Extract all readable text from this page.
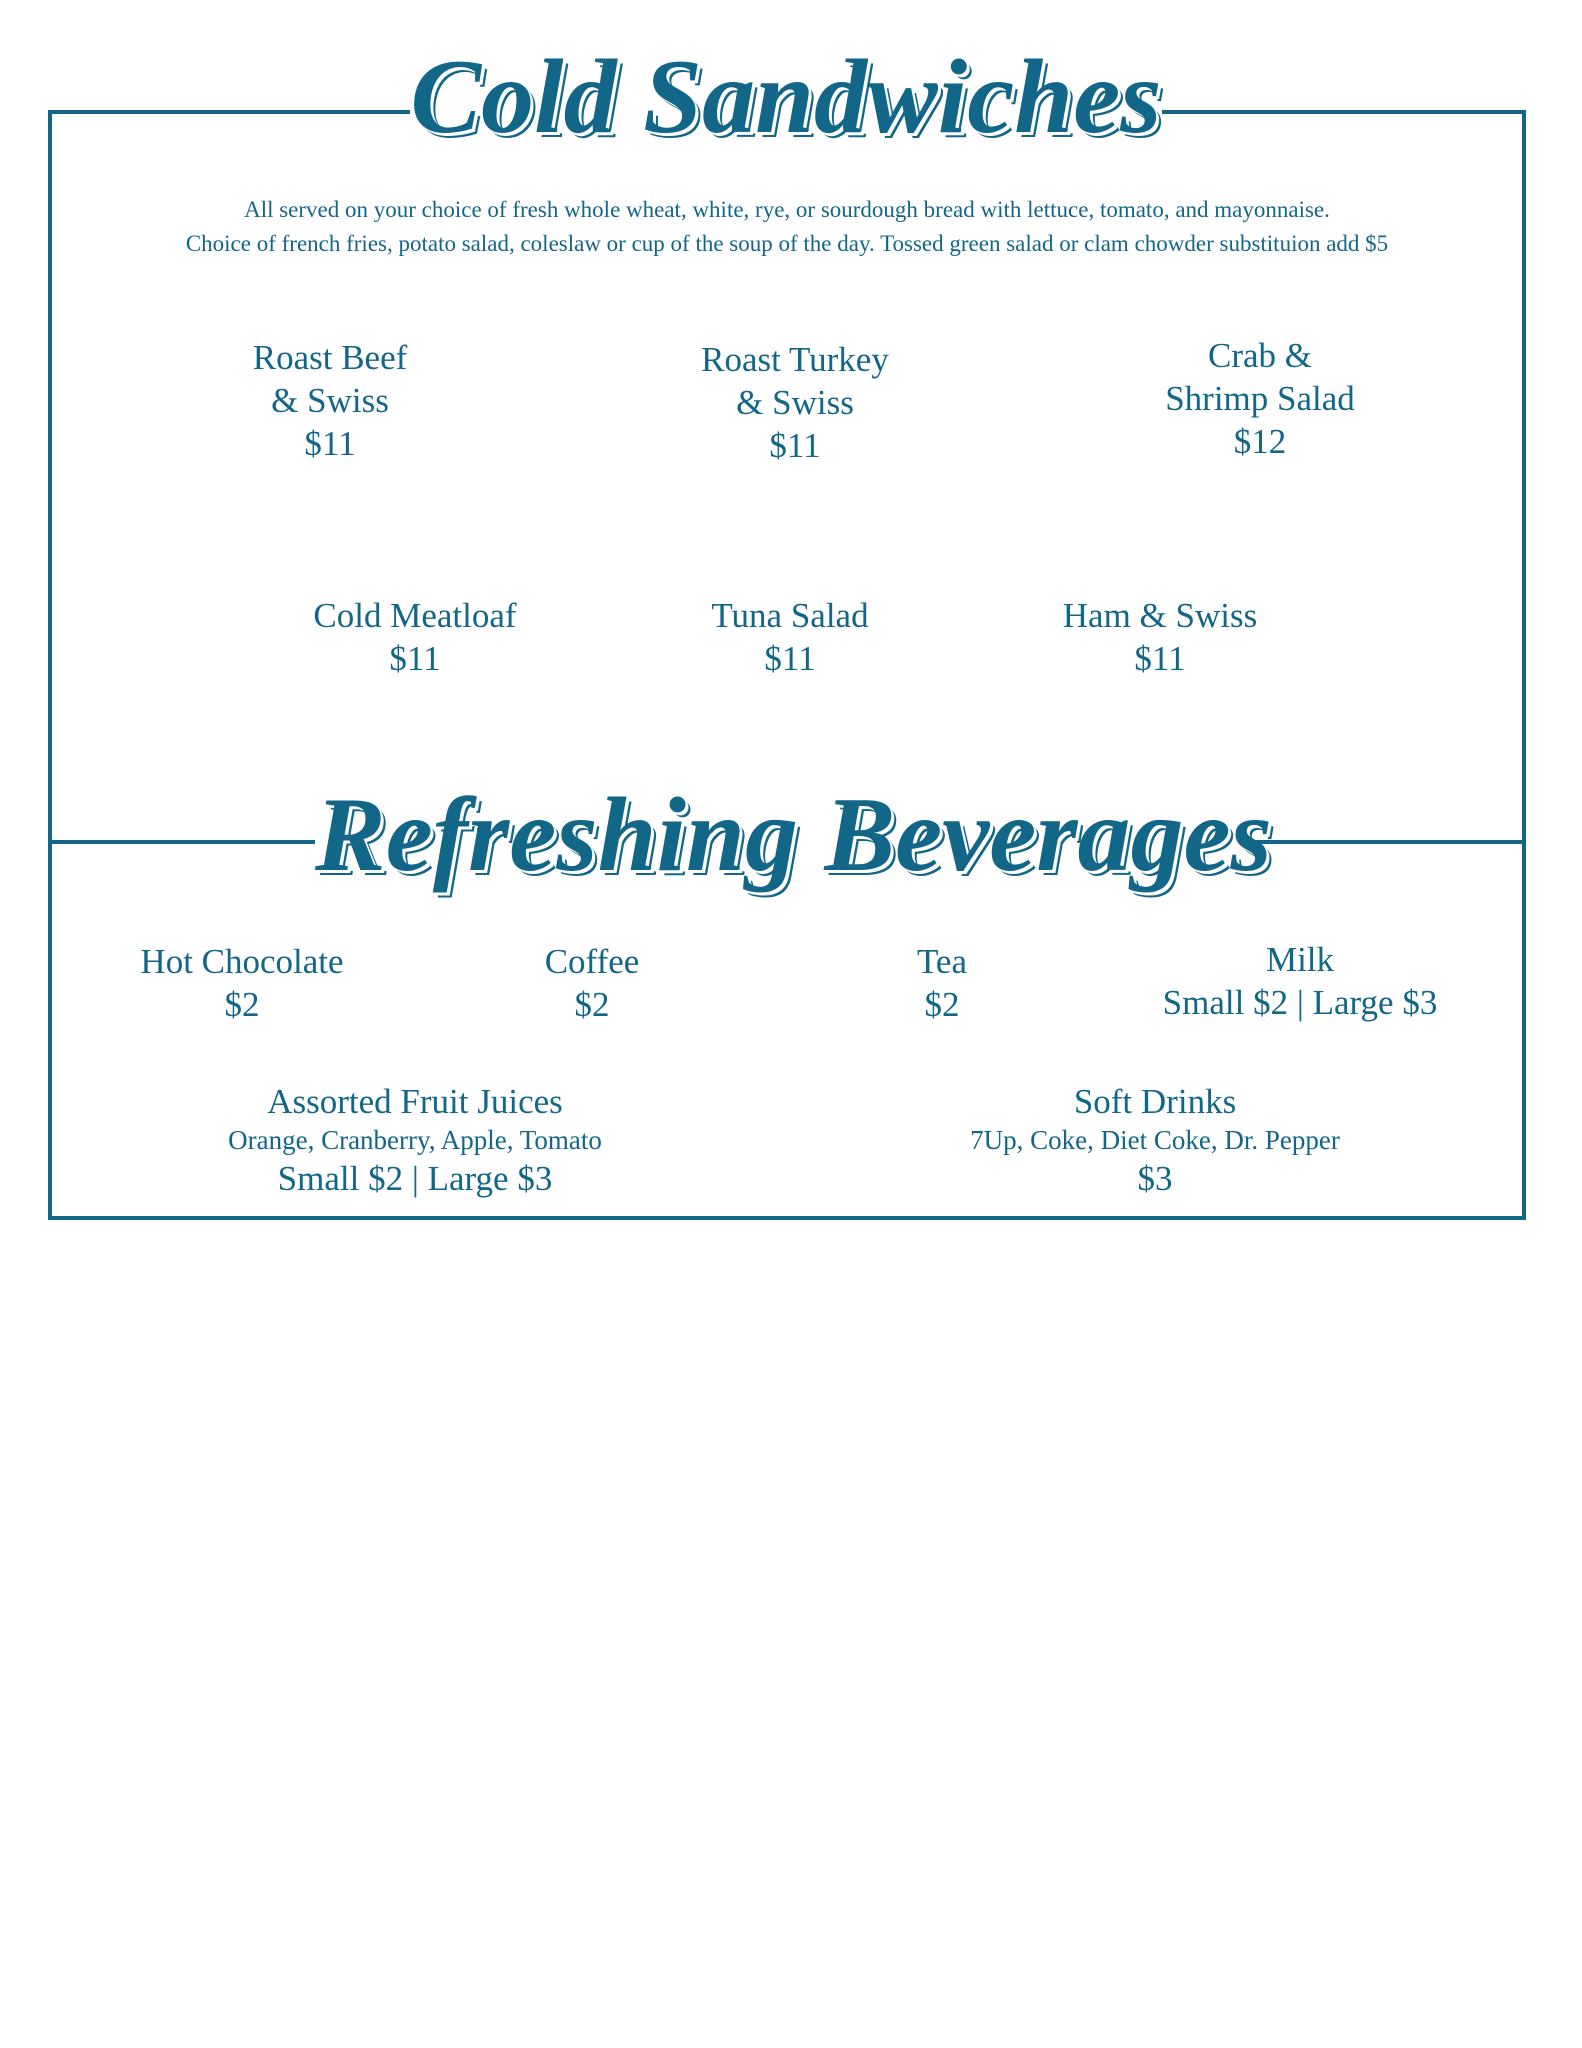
Cold Sandwiches
All served on your choice of fresh whole wheat, white, rye, or sourdough bread with lettuce, tomato, and mayonnaise.
Choice of french fries, potato salad, coleslaw or cup of the soup of the day. Tossed green salad or clam chowder substituion add $5
Roast Beef
& Swiss
$11
Roast Turkey
& Swiss
$11
Crab &
Shrimp Salad
$12
Cold Meatloaf
$11
Tuna Salad
$11
Ham & Swiss
$11
Refreshing Beverages
Hot Chocolate
$2
Coffee
$2
Tea
$2
Milk
Small $2 | Large $3
Assorted Fruit Juices
Orange, Cranberry, Apple, Tomato
Small $2 | Large $3
Soft Drinks
7Up, Coke, Diet Coke, Dr. Pepper
$3
